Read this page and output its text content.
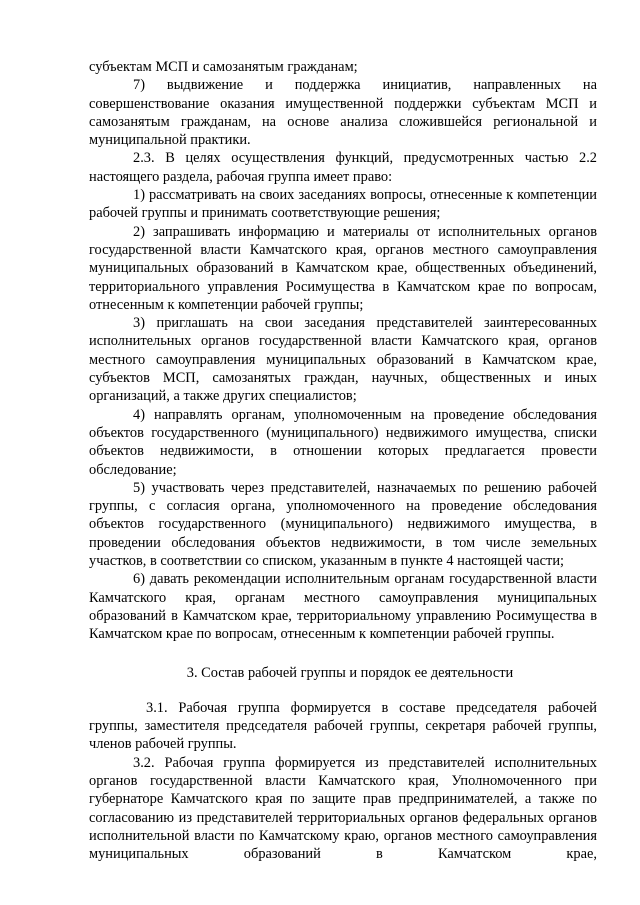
субъектам МСП и самозанятым гражданам;

7) выдвижение и поддержка инициатив, направленных на совершенствование оказания имущественной поддержки субъектам МСП и самозанятым гражданам, на основе анализа сложившейся региональной и муниципальной практики.

2.3. В целях осуществления функций, предусмотренных частью 2.2 настоящего раздела, рабочая группа имеет право:

1) рассматривать на своих заседаниях вопросы, отнесенные к компетенции рабочей группы и принимать соответствующие решения;

2) запрашивать информацию и материалы от исполнительных органов государственной власти Камчатского края, органов местного самоуправления муниципальных образований в Камчатском крае, общественных объединений, территориального управления Росимущества в Камчатском крае по вопросам, отнесенным к компетенции рабочей группы;

3) приглашать на свои заседания представителей заинтересованных исполнительных органов государственной власти Камчатского края, органов местного самоуправления муниципальных образований в Камчатском крае, субъектов МСП, самозанятых граждан, научных, общественных и иных организаций, а также других специалистов;

4) направлять органам, уполномоченным на проведение обследования объектов государственного (муниципального) недвижимого имущества, списки объектов недвижимости, в отношении которых предлагается провести обследование;

5) участвовать через представителей, назначаемых по решению рабочей группы, с согласия органа, уполномоченного на проведение обследования объектов государственного (муниципального) недвижимого имущества, в проведении обследования объектов недвижимости, в том числе земельных участков, в соответствии со списком, указанным в пункте 4 настоящей части;

6) давать рекомендации исполнительным органам государственной власти Камчатского края, органам местного самоуправления муниципальных образований в Камчатском крае, территориальному управлению Росимущества в Камчатском крае по вопросам, отнесенным к компетенции рабочей группы.

3. Состав рабочей группы и порядок ее деятельности

3.1. Рабочая группа формируется в составе председателя рабочей группы, заместителя председателя рабочей группы, секретаря рабочей группы, членов рабочей группы.

3.2. Рабочая группа формируется из представителей исполнительных органов государственной власти Камчатского края, Уполномоченного при губернаторе Камчатского края по защите прав предпринимателей, а также по согласованию из представителей территориальных органов федеральных органов исполнительной власти по Камчатскому краю, органов местного самоуправления муниципальных образований в Камчатском крае,
